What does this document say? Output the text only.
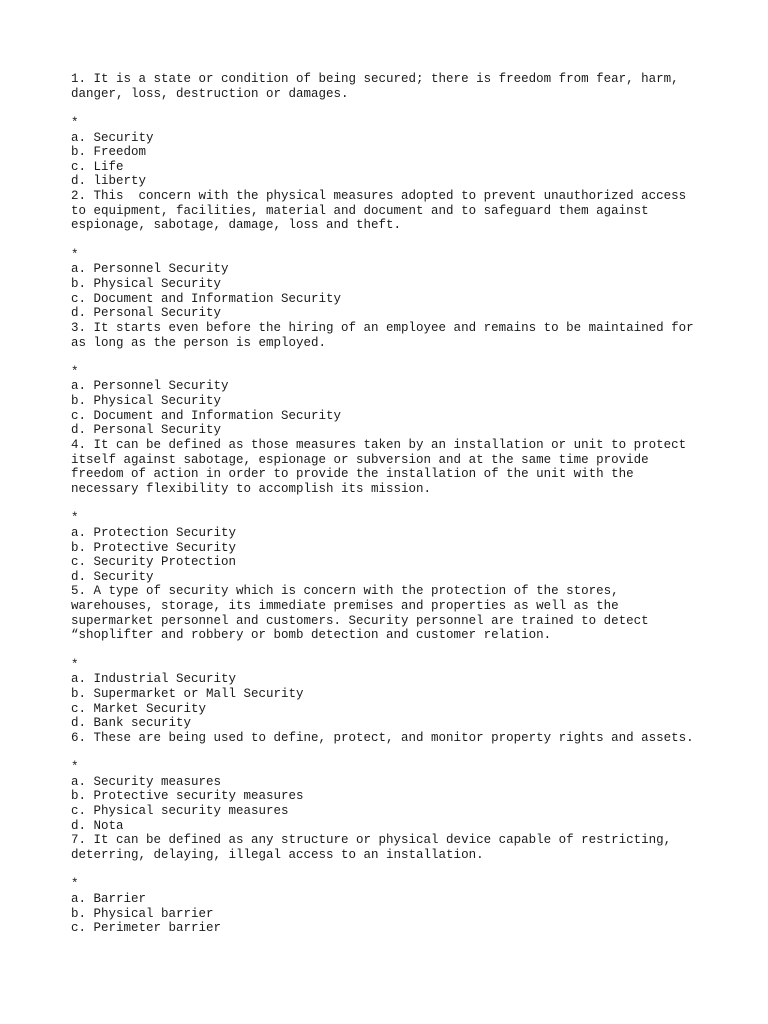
1. It is a state or condition of being secured; there is freedom from fear, harm,
danger, loss, destruction or damages.
*
a. Security
b. Freedom
c. Life
d. liberty
2. This  concern with the physical measures adopted to prevent unauthorized access
to equipment, facilities, material and document and to safeguard them against
espionage, sabotage, damage, loss and theft.
*
a. Personnel Security
b. Physical Security
c. Document and Information Security
d. Personal Security
3. It starts even before the hiring of an employee and remains to be maintained for
as long as the person is employed.
*
a. Personnel Security
b. Physical Security
c. Document and Information Security
d. Personal Security
4. It can be defined as those measures taken by an installation or unit to protect
itself against sabotage, espionage or subversion and at the same time provide
freedom of action in order to provide the installation of the unit with the
necessary flexibility to accomplish its mission.
*
a. Protection Security
b. Protective Security
c. Security Protection
d. Security
5. A type of security which is concern with the protection of the stores,
warehouses, storage, its immediate premises and properties as well as the
supermarket personnel and customers. Security personnel are trained to detect
“shoplifter and robbery or bomb detection and customer relation.
*
a. Industrial Security
b. Supermarket or Mall Security
c. Market Security
d. Bank security
6. These are being used to define, protect, and monitor property rights and assets.
*
a. Security measures
b. Protective security measures
c. Physical security measures
d. Nota
7. It can be defined as any structure or physical device capable of restricting,
deterring, delaying, illegal access to an installation.
*
a. Barrier
b. Physical barrier
c. Perimeter barrier
